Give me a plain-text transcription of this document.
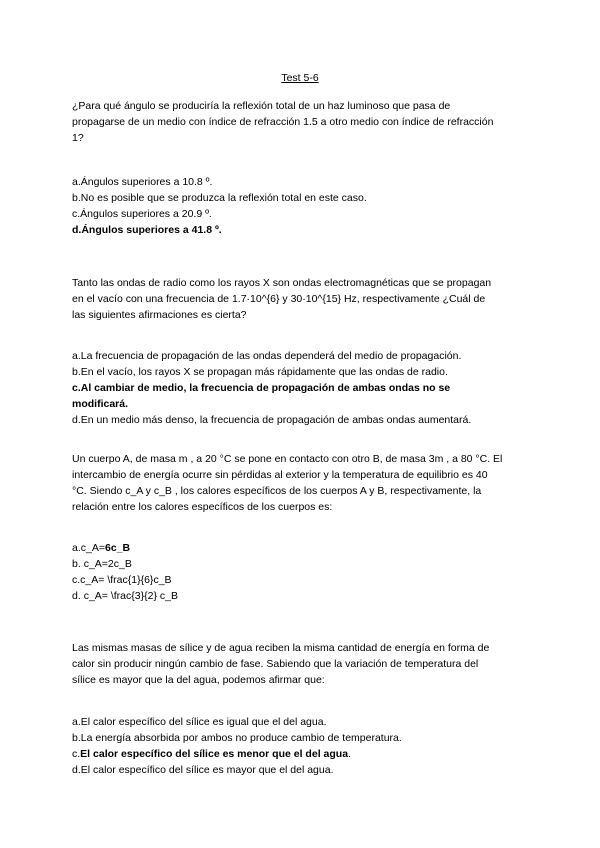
Test 5-6
¿Para qué ángulo se produciría la reflexión total de un haz luminoso que pasa de
propagarse de un medio con índice de refracción 1.5 a otro medio con índice de refracción
1?
a.Ángulos superiores a 10.8 º.
b.No es posible que se produzca la reflexión total en este caso.
c.Ángulos superiores a 20.9 º.
d.Ángulos superiores a 41.8 º.
Tanto las ondas de radio como los rayos X son ondas electromagnéticas que se propagan
en el vacío con una frecuencia de 1.7·10^{6} y 30·10^{15} Hz, respectivamente ¿Cuál de
las siguientes afirmaciones es cierta?
a.La frecuencia de propagación de las ondas dependerá del medio de propagación.
b.En el vacío, los rayos X se propagan más rápidamente que las ondas de radio.
c.Al cambiar de medio, la frecuencia de propagación de ambas ondas no se
modificará.
d.En un medio más denso, la frecuencia de propagación de ambas ondas aumentará.
Un cuerpo A, de masa m , a 20 °C se pone en contacto con otro B, de masa 3m , a 80 °C. El
intercambio de energía ocurre sin pérdidas al exterior y la temperatura de equilibrio es 40
°C. Siendo c_A y c_B , los calores específicos de los cuerpos A y B, respectivamente, la
relación entre los calores específicos de los cuerpos es:
a.c_A=6c_B
b. c_A=2c_B
c.c_A= \frac{1}{6}c_B
d. c_A= \frac{3}{2} c_B
Las mismas masas de sílice y de agua reciben la misma cantidad de energía en forma de
calor sin producir ningún cambio de fase. Sabiendo que la variación de temperatura del
sílice es mayor que la del agua, podemos afirmar que:
a.El calor específico del sílice es igual que el del agua.
b.La energía absorbida por ambos no produce cambio de temperatura.
c.El calor específico del sílice es menor que el del agua.
d.El calor específico del sílice es mayor que el del agua.
